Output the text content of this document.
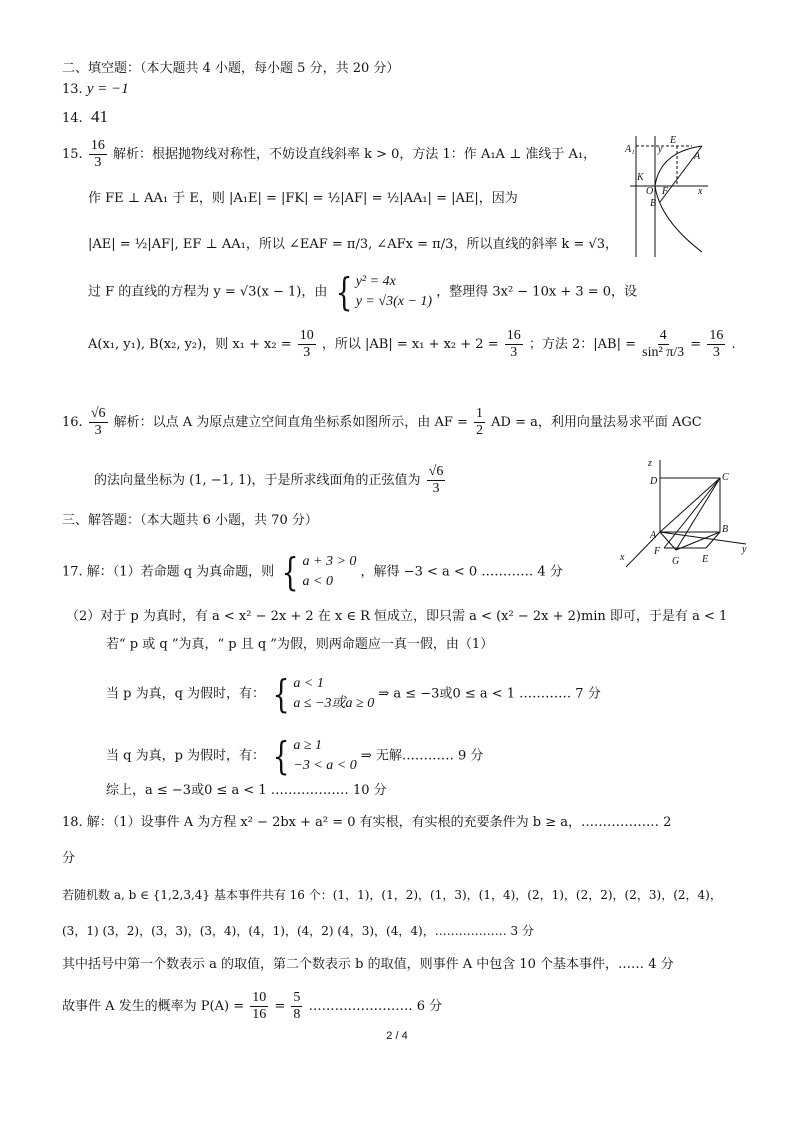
二、填空题：（本大题共 4 小题，每小题 5 分，共 20 分）
13. y = −1
14. 41
15. $\frac{16}{3}$ 解析：根据抛物线对称性，不妨设直线斜率 k > 0，方法 1：作 A₁A ⊥ 准线于 A₁，
作 FE ⊥ AA₁ 于 E，则 |A₁E| = |FK| = ½|AF| = ½|AA₁| = |AE|，因为
|AE| = ½|AF|, EF ⊥ AA₁，所以 ∠EAF = π/3, ∠AFx = π/3，所以直线的斜率 k = √3，
过 F 的直线的方程为 y = √3(x − 1)，由 { y² = 4x
y = √3(x − 1)
，整理得 3x² − 10x + 3 = 0，设
A(x₁, y₁), B(x₂, y₂)，则 $x_1 + x_2 = \frac{10}{3}$ ，所以 $|AB| = x_1 + x_2 + 2 = \frac{16}{3}$ ；方法 2：$|AB| = \frac{4}{\text{sin² π/3}} = \frac{16}{3}$ .
A₁ y
E
A
K
O F	x
B
16. $\frac{√6}{3}$ 解析：以点 A 为原点建立空间直角坐标系如图所示，由 AF = $\frac{1}{2}$ AD = a，利用向量法易求平面 AGC
的法向量坐标为 (1, −1, 1)，于是所求线面角的正弦值为 $\frac{√6}{3}$
z
D	C
A
B
x
F
G E
y
三、解答题：（本大题共 6 小题，共 70 分）
17. 解：（1）若命题 q 为真命题，则 { a + 3 > 0
a < 0
，解得 −3 < a < 0 ………… 4 分
（2）对于 p 为真时，有 a < x² − 2x + 2 在 x ∈ R 恒成立，即只需 a < (x² − 2x + 2)min 即可，于是有 a < 1
若“ p 或 q ”为真，“ p 且 q ”为假，则两命题应一真一假，由（1）
当 p 为真，q 为假时，有： { a < 1
a ≤ −3或a ≥ 0
⇒ a ≤ −3或0 ≤ a < 1 ………… 7 分
当 q 为真，p 为假时，有： { a ≥ 1
−3 < a < 0
⇒ 无解………… 9 分
综上，a ≤ −3或0 ≤ a < 1 ……………… 10 分
18. 解：（1）设事件 A 为方程 x² − 2bx + a² = 0 有实根，有实根的充要条件为 b ≥ a，……………… 2
分
若随机数 a, b ∈ {1,2,3,4} 基本事件共有 16 个：(1，1)，(1，2)，(1，3)，(1，4)，(2，1)，(2，2)，(2，3)，(2，4)，
(3，1) (3，2)，(3，3)，(3，4)，(4，1)，(4，2) (4，3)，(4，4)，……………… 3 分
其中括号中第一个数表示 a 的取值，第二个数表示 b 的取值，则事件 A 中包含 10 个基本事件，…… 4 分
故事件 A 发生的概率为 $P(A) = \frac{10}{16} = \frac{5}{8}$ …………………… 6 分
2 / 4
